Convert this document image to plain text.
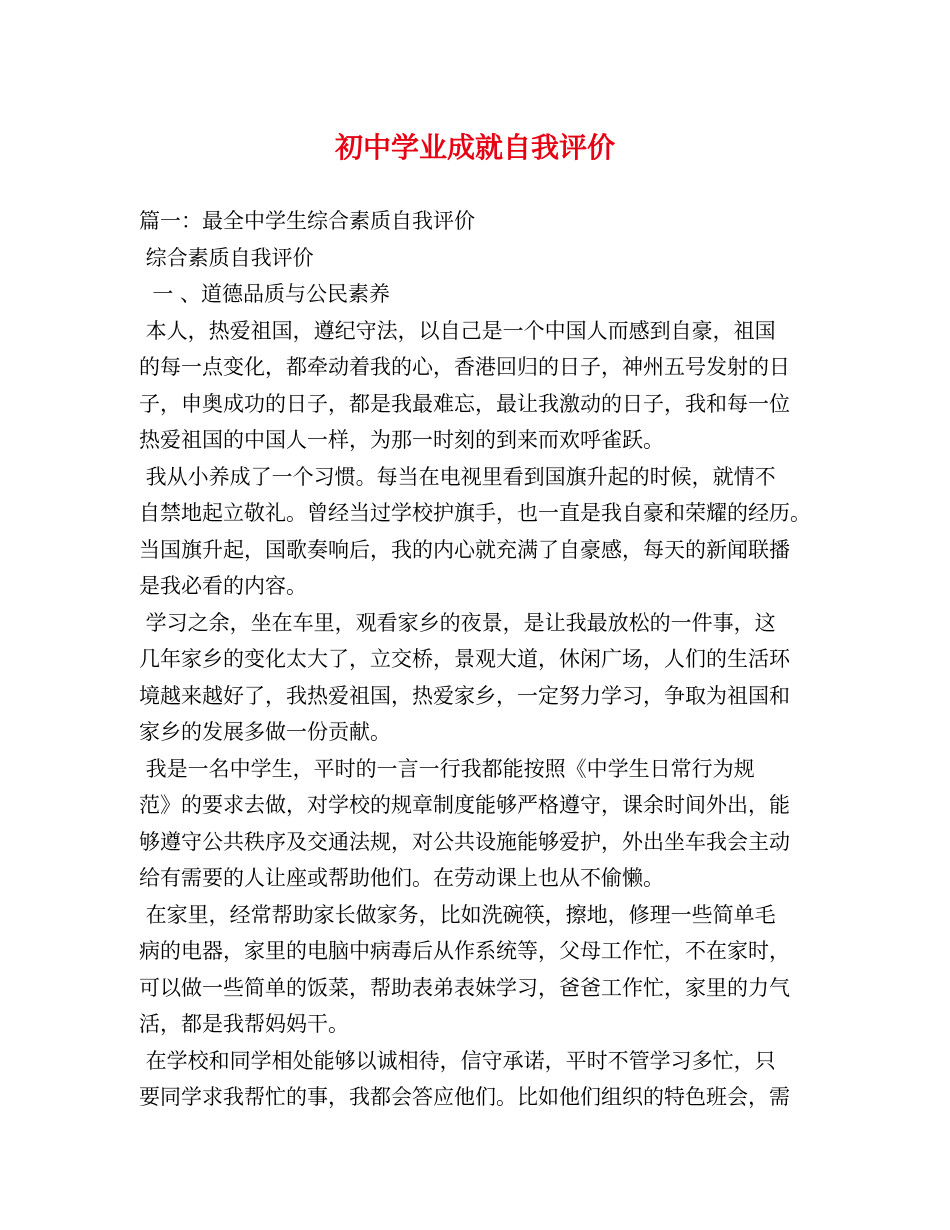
初中学业成就自我评价
篇一：最全中学生综合素质自我评价
综合素质自我评价
一 、道德品质与公民素养
本人，热爱祖国，遵纪守法，以自己是一个中国人而感到自豪，祖国
的每一点变化，都牵动着我的心，香港回归的日子，神州五号发射的日
子，申奥成功的日子，都是我最难忘，最让我激动的日子，我和每一位
热爱祖国的中国人一样，为那一时刻的到来而欢呼雀跃。
我从小养成了一个习惯。每当在电视里看到国旗升起的时候，就情不
自禁地起立敬礼。曾经当过学校护旗手，也一直是我自豪和荣耀的经历。
当国旗升起，国歌奏响后，我的内心就充满了自豪感，每天的新闻联播
是我必看的内容。
学习之余，坐在车里，观看家乡的夜景，是让我最放松的一件事，这
几年家乡的变化太大了，立交桥，景观大道，休闲广场，人们的生活环
境越来越好了，我热爱祖国，热爱家乡，一定努力学习，争取为祖国和
家乡的发展多做一份贡献。
我是一名中学生，平时的一言一行我都能按照《中学生日常行为规
范》的要求去做，对学校的规章制度能够严格遵守，课余时间外出，能
够遵守公共秩序及交通法规，对公共设施能够爱护，外出坐车我会主动
给有需要的人让座或帮助他们。在劳动课上也从不偷懒。
在家里，经常帮助家长做家务，比如洗碗筷，擦地，修理一些简单毛
病的电器，家里的电脑中病毒后从作系统等，父母工作忙，不在家时，
可以做一些简单的饭菜，帮助表弟表妹学习，爸爸工作忙，家里的力气
活，都是我帮妈妈干。
在学校和同学相处能够以诚相待，信守承诺，平时不管学习多忙，只
要同学求我帮忙的事，我都会答应他们。比如他们组织的特色班会，需
